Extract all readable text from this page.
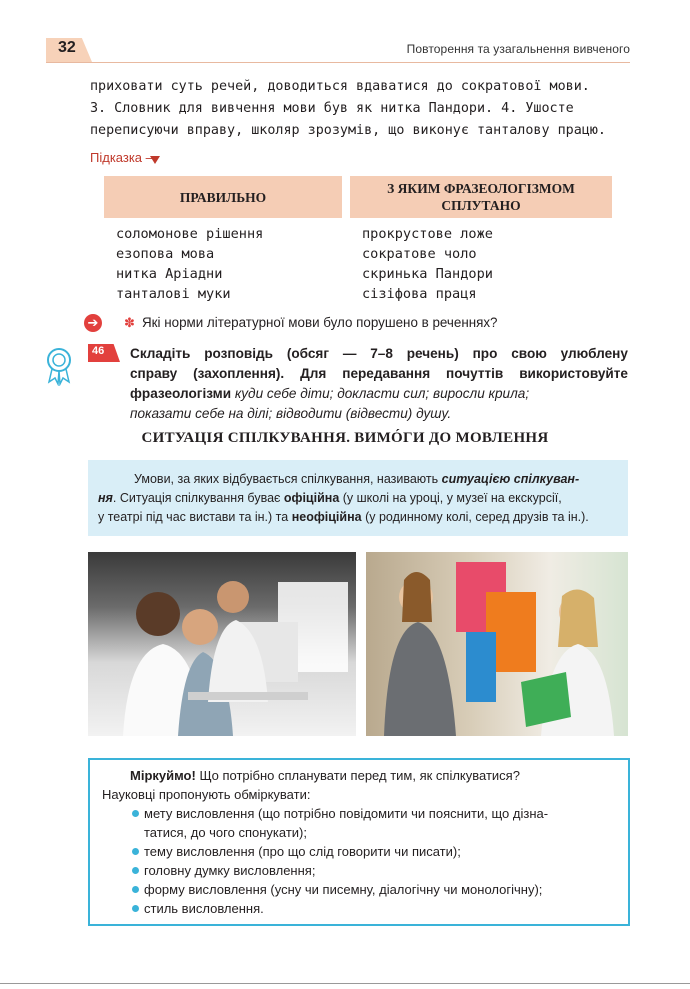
32	Повторення та узагальнення вивченого
приховати суть речей, доводиться вдаватися до сократової мови.
3. Словник для вивчення мови був як нитка Пандори. 4. Ушосте
переписуючи вправу, школяр зрозумів, що виконує танталову працю.
Підказка –
ПРАВИЛЬНО
З ЯКИМ ФРАЗЕОЛОГІЗМОМ
СПЛУТАНО
соломонове рішення
езопова мова
нитка Аріадни
танталові муки
прокрустове ложе
сократове чоло
скринька Пандори
сізіфова праця
➔ ✽ Які норми літературної мови було порушено в реченнях?
46 Складіть розповідь (обсяг — 7–8 речень) про свою улюблену
справу (захоплення). Для передавання почуттів використовуйте
фразеологізми куди себе діти; докласти сил; виросли крила;
показати себе на ділі; відводити (відвести) душу.
СИТУАЦІЯ СПІЛКУВАННЯ. ВИМÓГИ ДО МОВЛЕННЯ
Умови, за яких відбувається спілкування, називають ситуацією спілкуван-
ня. Ситуація спілкування буває офіційна (у школі на уроці, у музеї на екскурсії,
у театрі під час вистави та ін.) та неофіційна (у родинному колі, серед друзів та ін.).
Міркуймо! Що потрібно спланувати перед тим, як спілкуватися?
Науковці пропонують обміркувати:
мету висловлення (що потрібно повідомити чи пояснити, що дізна-
татися, до чого спонукати);
тему висловлення (про що слід говорити чи писати);
головну думку висловлення;
форму висловлення (усну чи писемну, діалогічну чи монологічну);
стиль висловлення.
